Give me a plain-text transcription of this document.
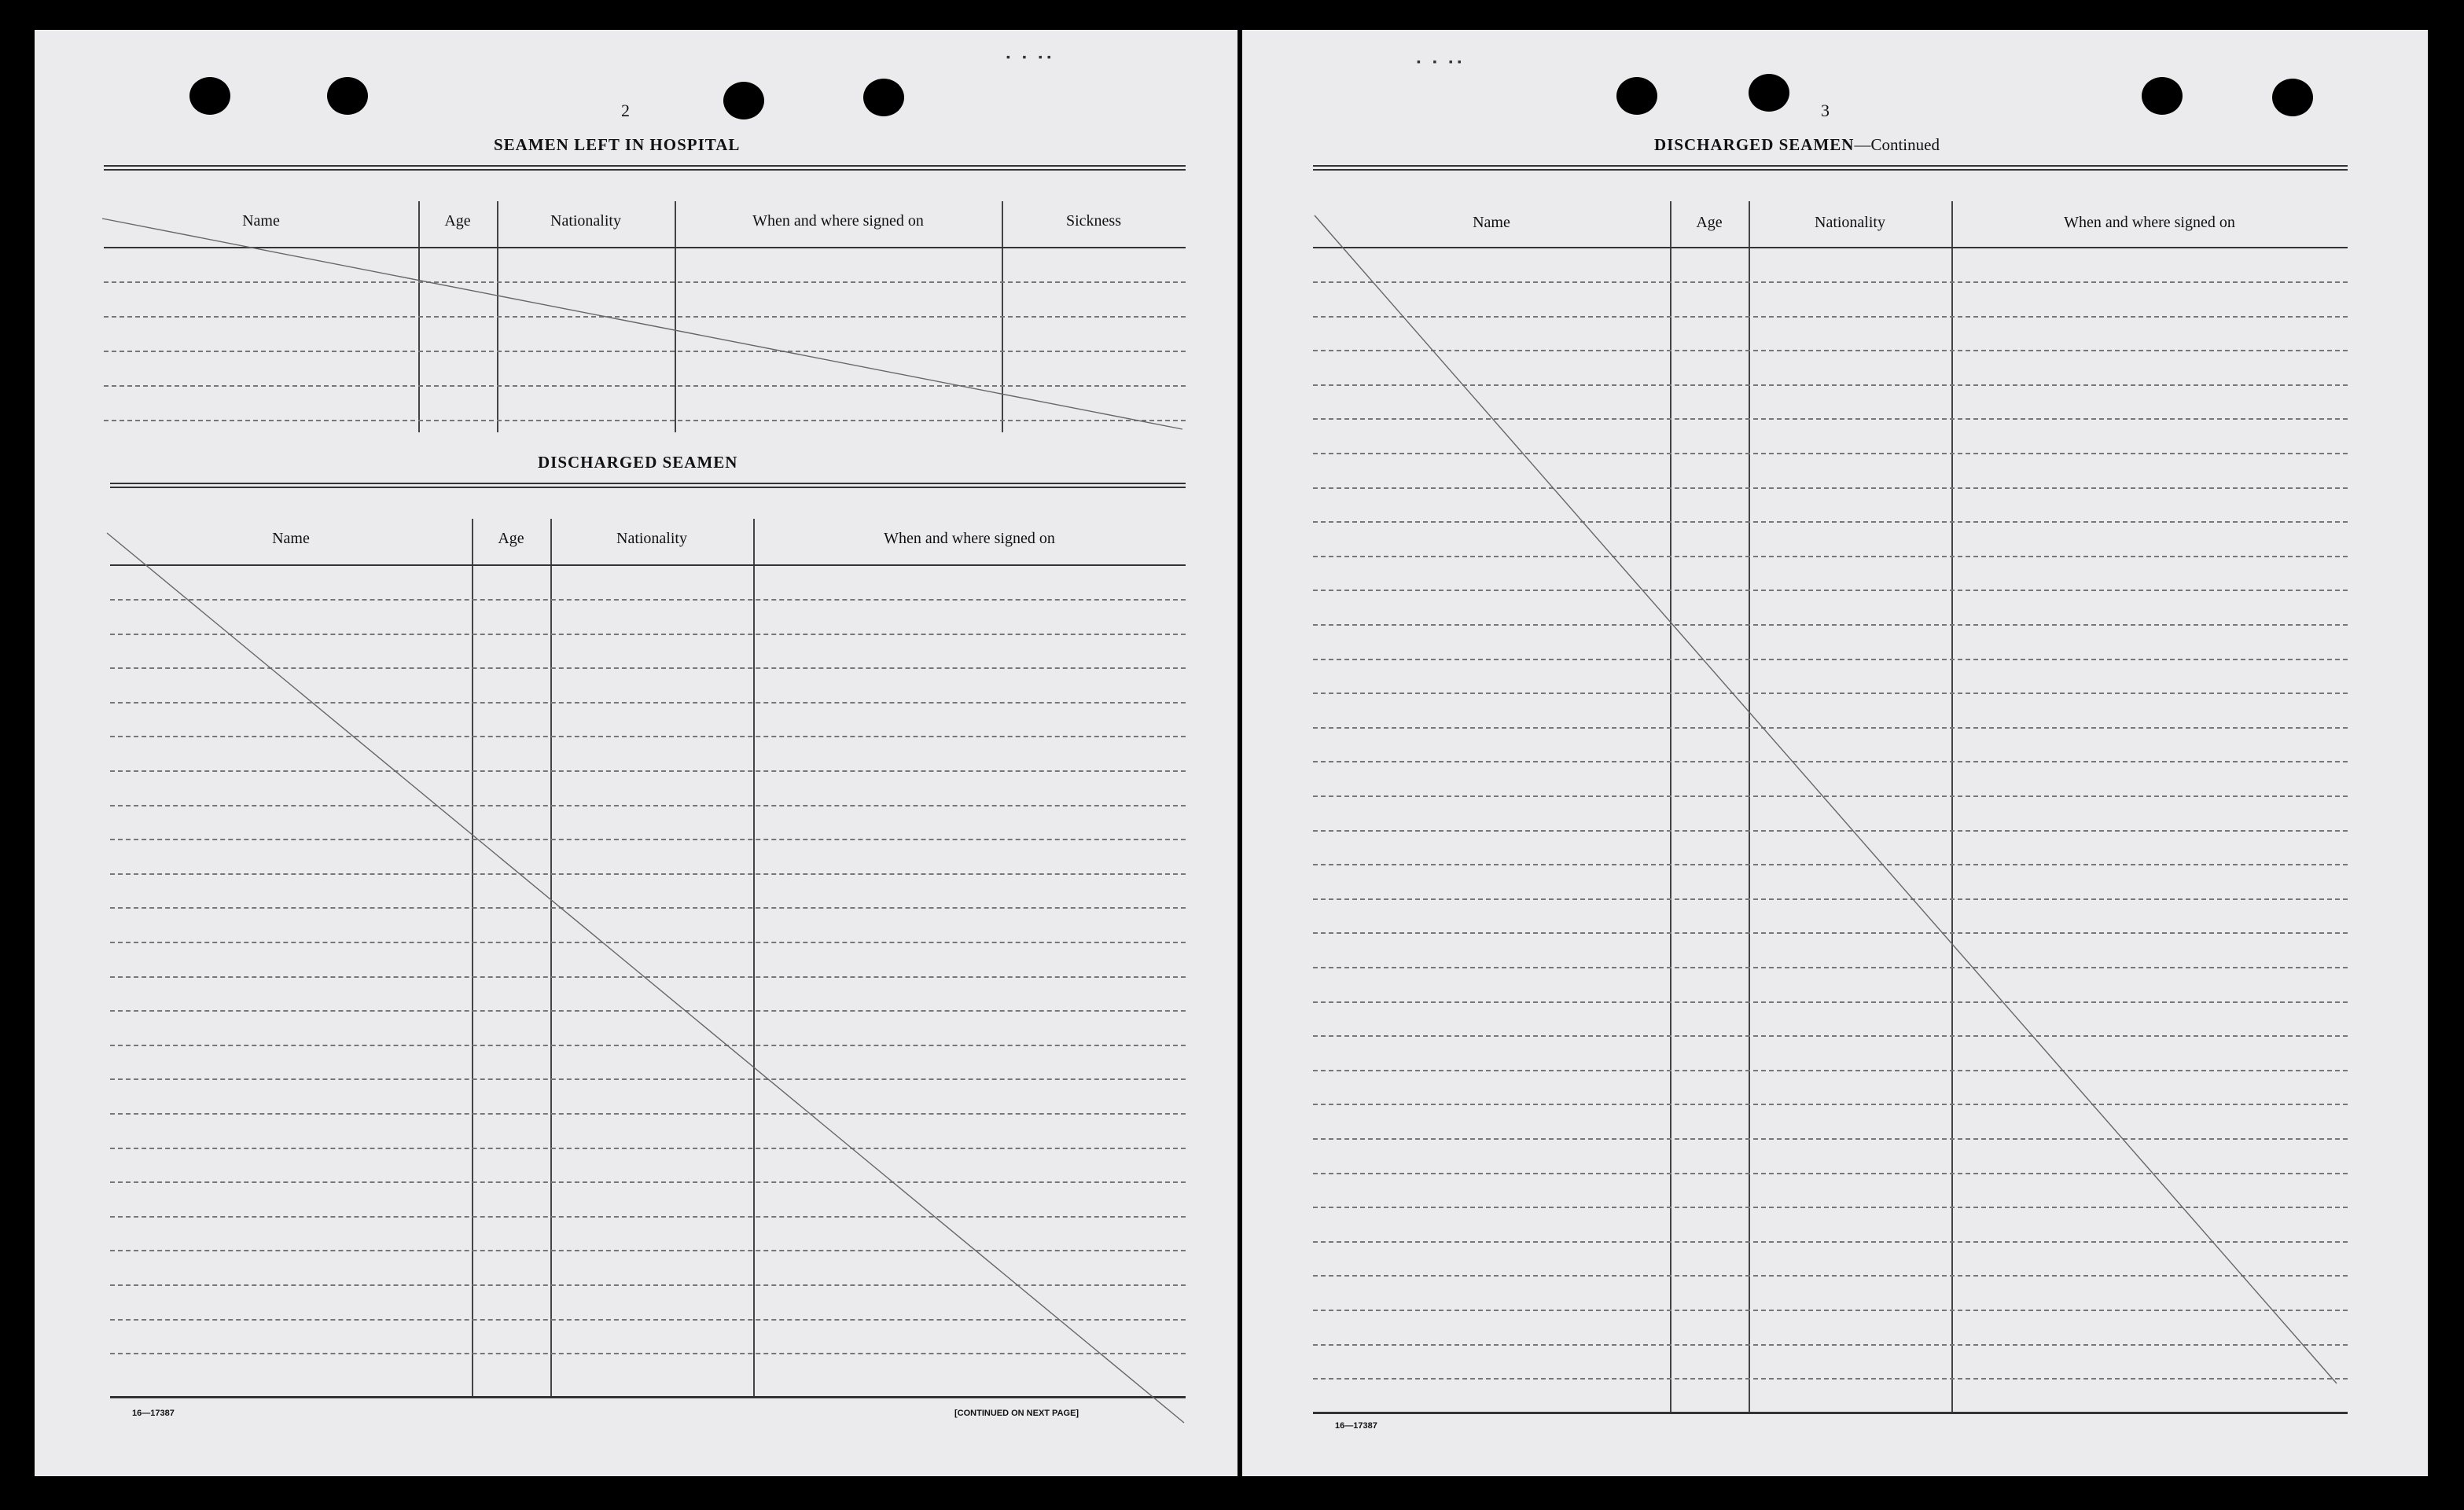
▪ ▪ ▪▪
2
SEAMEN LEFT IN HOSPITAL
Name	Age	Nationality	When and where signed on	Sickness
DISCHARGED SEAMEN
Name	Age	Nationality	When and where signed on
16—17387	[CONTINUED ON NEXT PAGE]
▪ ▪ ▪▪
3
DISCHARGED SEAMEN—Continued
Name	Age	Nationality	When and where signed on
16—17387
